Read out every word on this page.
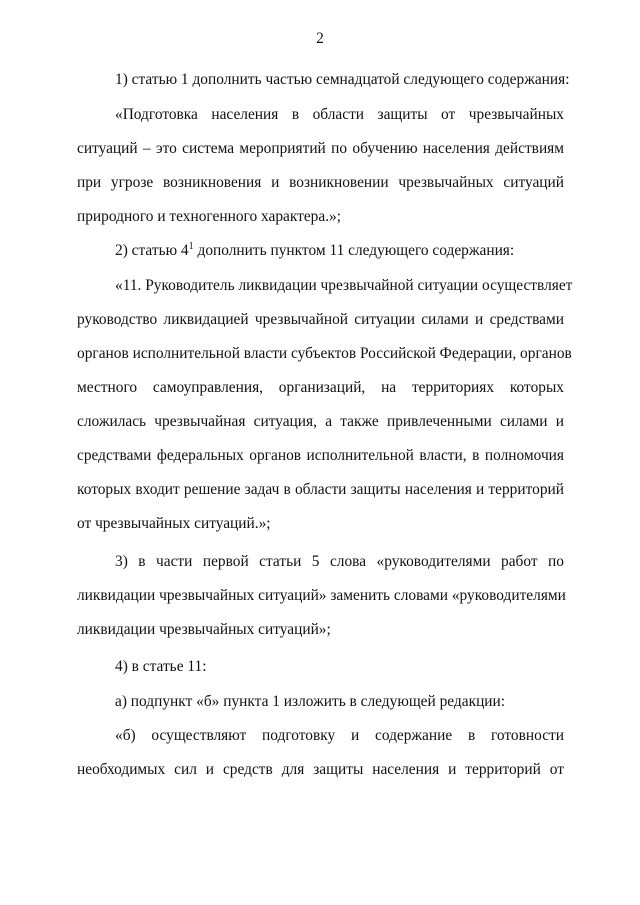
2
1) статью 1 дополнить частью семнадцатой следующего содержания:
«Подготовка населения в области защиты от чрезвычайных
ситуаций – это система мероприятий по обучению населения действиям
при угрозе возникновения и возникновении чрезвычайных ситуаций
природного и техногенного характера.»;
2) статью $4^1$ дополнить пунктом 11 следующего содержания:
«11. Руководитель ликвидации чрезвычайной ситуации осуществляет
руководство ликвидацией чрезвычайной ситуации силами и средствами
органов исполнительной власти субъектов Российской Федерации, органов
местного самоуправления, организаций, на территориях которых
сложилась чрезвычайная ситуация, а также привлеченными силами и
средствами федеральных органов исполнительной власти, в полномочия
которых входит решение задач в области защиты населения и территорий
от чрезвычайных ситуаций.»;
3) в части первой статьи 5 слова «руководителями работ по
ликвидации чрезвычайных ситуаций» заменить словами «руководителями
ликвидации чрезвычайных ситуаций»;
4) в статье 11:
а) подпункт «б» пункта 1 изложить в следующей редакции:
«б) осуществляют подготовку и содержание в готовности
необходимых сил и средств для защиты населения и территорий от
